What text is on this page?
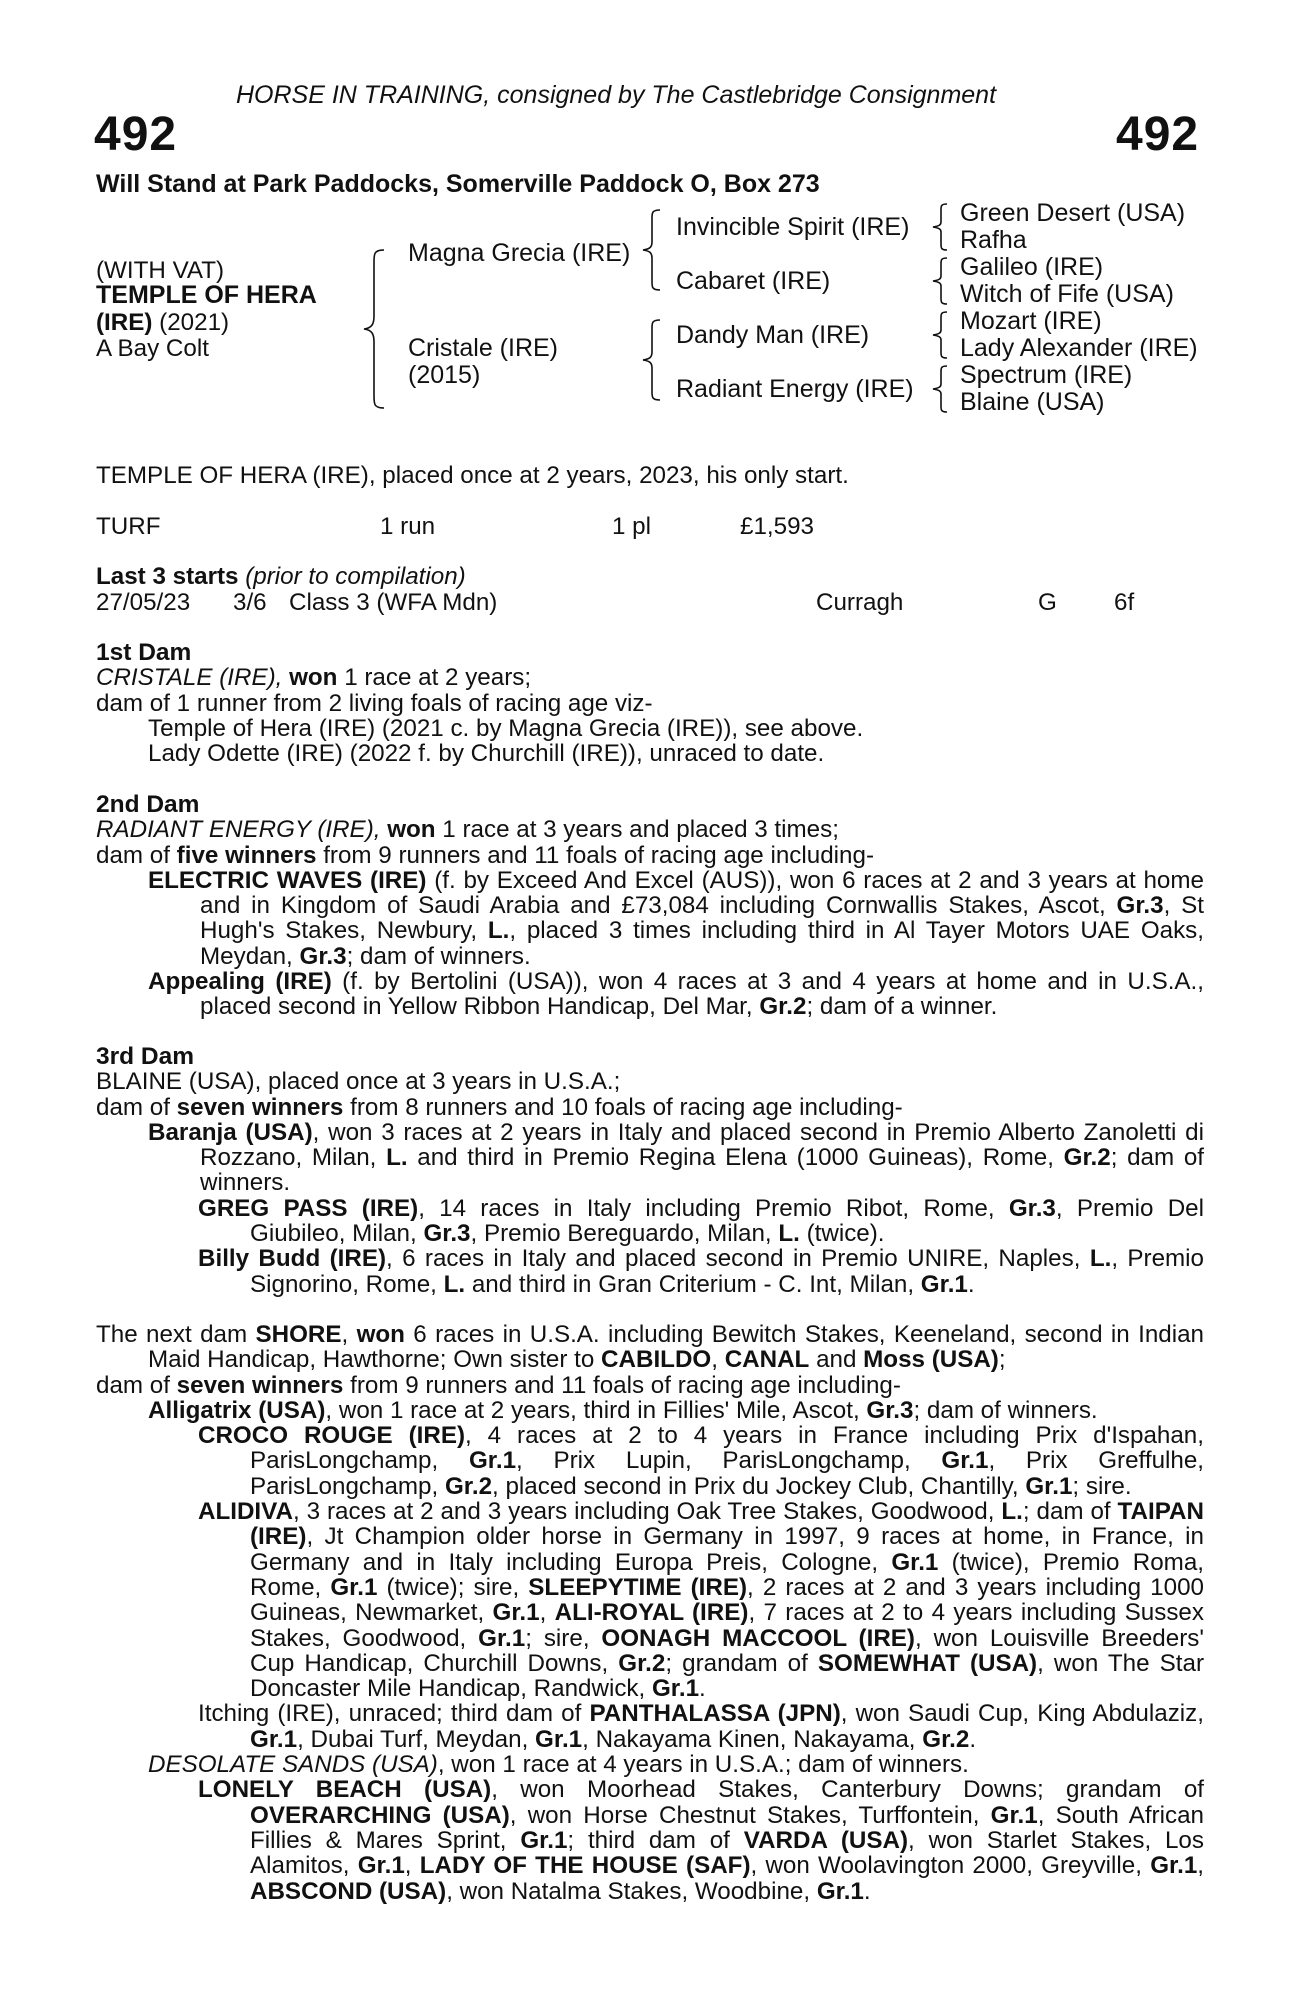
HORSE IN TRAINING, consigned by The Castlebridge Consignment
492	492
Will Stand at Park Paddocks, Somerville Paddock O, Box 273
(WITH VAT)
TEMPLE OF HERA
(IRE) (2021)
A Bay Colt
Magna Grecia (IRE)
Cristale (IRE)
(2015)
Invincible Spirit (IRE)
Cabaret (IRE)
Dandy Man (IRE)
Radiant Energy (IRE)
Green Desert (USA)
Rafha
Galileo (IRE)
Witch of Fife (USA)
Mozart (IRE)
Lady Alexander (IRE)
Spectrum (IRE)
Blaine (USA)
TEMPLE OF HERA (IRE), placed once at 2 years, 2023, his only start.
TURF	1 run	1 pl	£1,593
Last 3 starts (prior to compilation)
27/05/23 3/6 Class 3 (WFA Mdn)	Curragh	G 6f
1st Dam
CRISTALE (IRE), won 1 race at 2 years;
dam of 1 runner from 2 living foals of racing age viz-
Temple of Hera (IRE) (2021 c. by Magna Grecia (IRE)), see above.
Lady Odette (IRE) (2022 f. by Churchill (IRE)), unraced to date.
2nd Dam
RADIANT ENERGY (IRE), won 1 race at 3 years and placed 3 times;
dam of five winners from 9 runners and 11 foals of racing age including-
ELECTRIC WAVES (IRE) (f. by Exceed And Excel (AUS)), won 6 races at 2 and 3 years at home and in Kingdom of Saudi Arabia and £73,084 including Cornwallis Stakes, Ascot, Gr.3, St Hugh's Stakes, Newbury, L., placed 3 times including third in Al Tayer Motors UAE Oaks, Meydan, Gr.3; dam of winners.
Appealing (IRE) (f. by Bertolini (USA)), won 4 races at 3 and 4 years at home and in U.S.A., placed second in Yellow Ribbon Handicap, Del Mar, Gr.2; dam of a winner.
3rd Dam
BLAINE (USA), placed once at 3 years in U.S.A.;
dam of seven winners from 8 runners and 10 foals of racing age including-
Baranja (USA), won 3 races at 2 years in Italy and placed second in Premio Alberto Zanoletti di Rozzano, Milan, L. and third in Premio Regina Elena (1000 Guineas), Rome, Gr.2; dam of winners.
GREG PASS (IRE), 14 races in Italy including Premio Ribot, Rome, Gr.3, Premio Del Giubileo, Milan, Gr.3, Premio Bereguardo, Milan, L. (twice).
Billy Budd (IRE), 6 races in Italy and placed second in Premio UNIRE, Naples, L., Premio Signorino, Rome, L. and third in Gran Criterium - C. Int, Milan, Gr.1.
The next dam SHORE, won 6 races in U.S.A. including Bewitch Stakes, Keeneland, second in Indian Maid Handicap, Hawthorne; Own sister to CABILDO, CANAL and Moss (USA);
dam of seven winners from 9 runners and 11 foals of racing age including-
Alligatrix (USA), won 1 race at 2 years, third in Fillies' Mile, Ascot, Gr.3; dam of winners.
CROCO ROUGE (IRE), 4 races at 2 to 4 years in France including Prix d'Ispahan, ParisLongchamp, Gr.1, Prix Lupin, ParisLongchamp, Gr.1, Prix Greffulhe, ParisLongchamp, Gr.2, placed second in Prix du Jockey Club, Chantilly, Gr.1; sire.
ALIDIVA, 3 races at 2 and 3 years including Oak Tree Stakes, Goodwood, L.; dam of TAIPAN (IRE), Jt Champion older horse in Germany in 1997, 9 races at home, in France, in Germany and in Italy including Europa Preis, Cologne, Gr.1 (twice), Premio Roma, Rome, Gr.1 (twice); sire, SLEEPYTIME (IRE), 2 races at 2 and 3 years including 1000 Guineas, Newmarket, Gr.1, ALI-ROYAL (IRE), 7 races at 2 to 4 years including Sussex Stakes, Goodwood, Gr.1; sire, OONAGH MACCOOL (IRE), won Louisville Breeders' Cup Handicap, Churchill Downs, Gr.2; grandam of SOMEWHAT (USA), won The Star Doncaster Mile Handicap, Randwick, Gr.1.
Itching (IRE), unraced; third dam of PANTHALASSA (JPN), won Saudi Cup, King Abdulaziz, Gr.1, Dubai Turf, Meydan, Gr.1, Nakayama Kinen, Nakayama, Gr.2.
DESOLATE SANDS (USA), won 1 race at 4 years in U.S.A.; dam of winners.
LONELY BEACH (USA), won Moorhead Stakes, Canterbury Downs; grandam of OVERARCHING (USA), won Horse Chestnut Stakes, Turffontein, Gr.1, South African Fillies & Mares Sprint, Gr.1; third dam of VARDA (USA), won Starlet Stakes, Los Alamitos, Gr.1, LADY OF THE HOUSE (SAF), won Woolavington 2000, Greyville, Gr.1, ABSCOND (USA), won Natalma Stakes, Woodbine, Gr.1.
